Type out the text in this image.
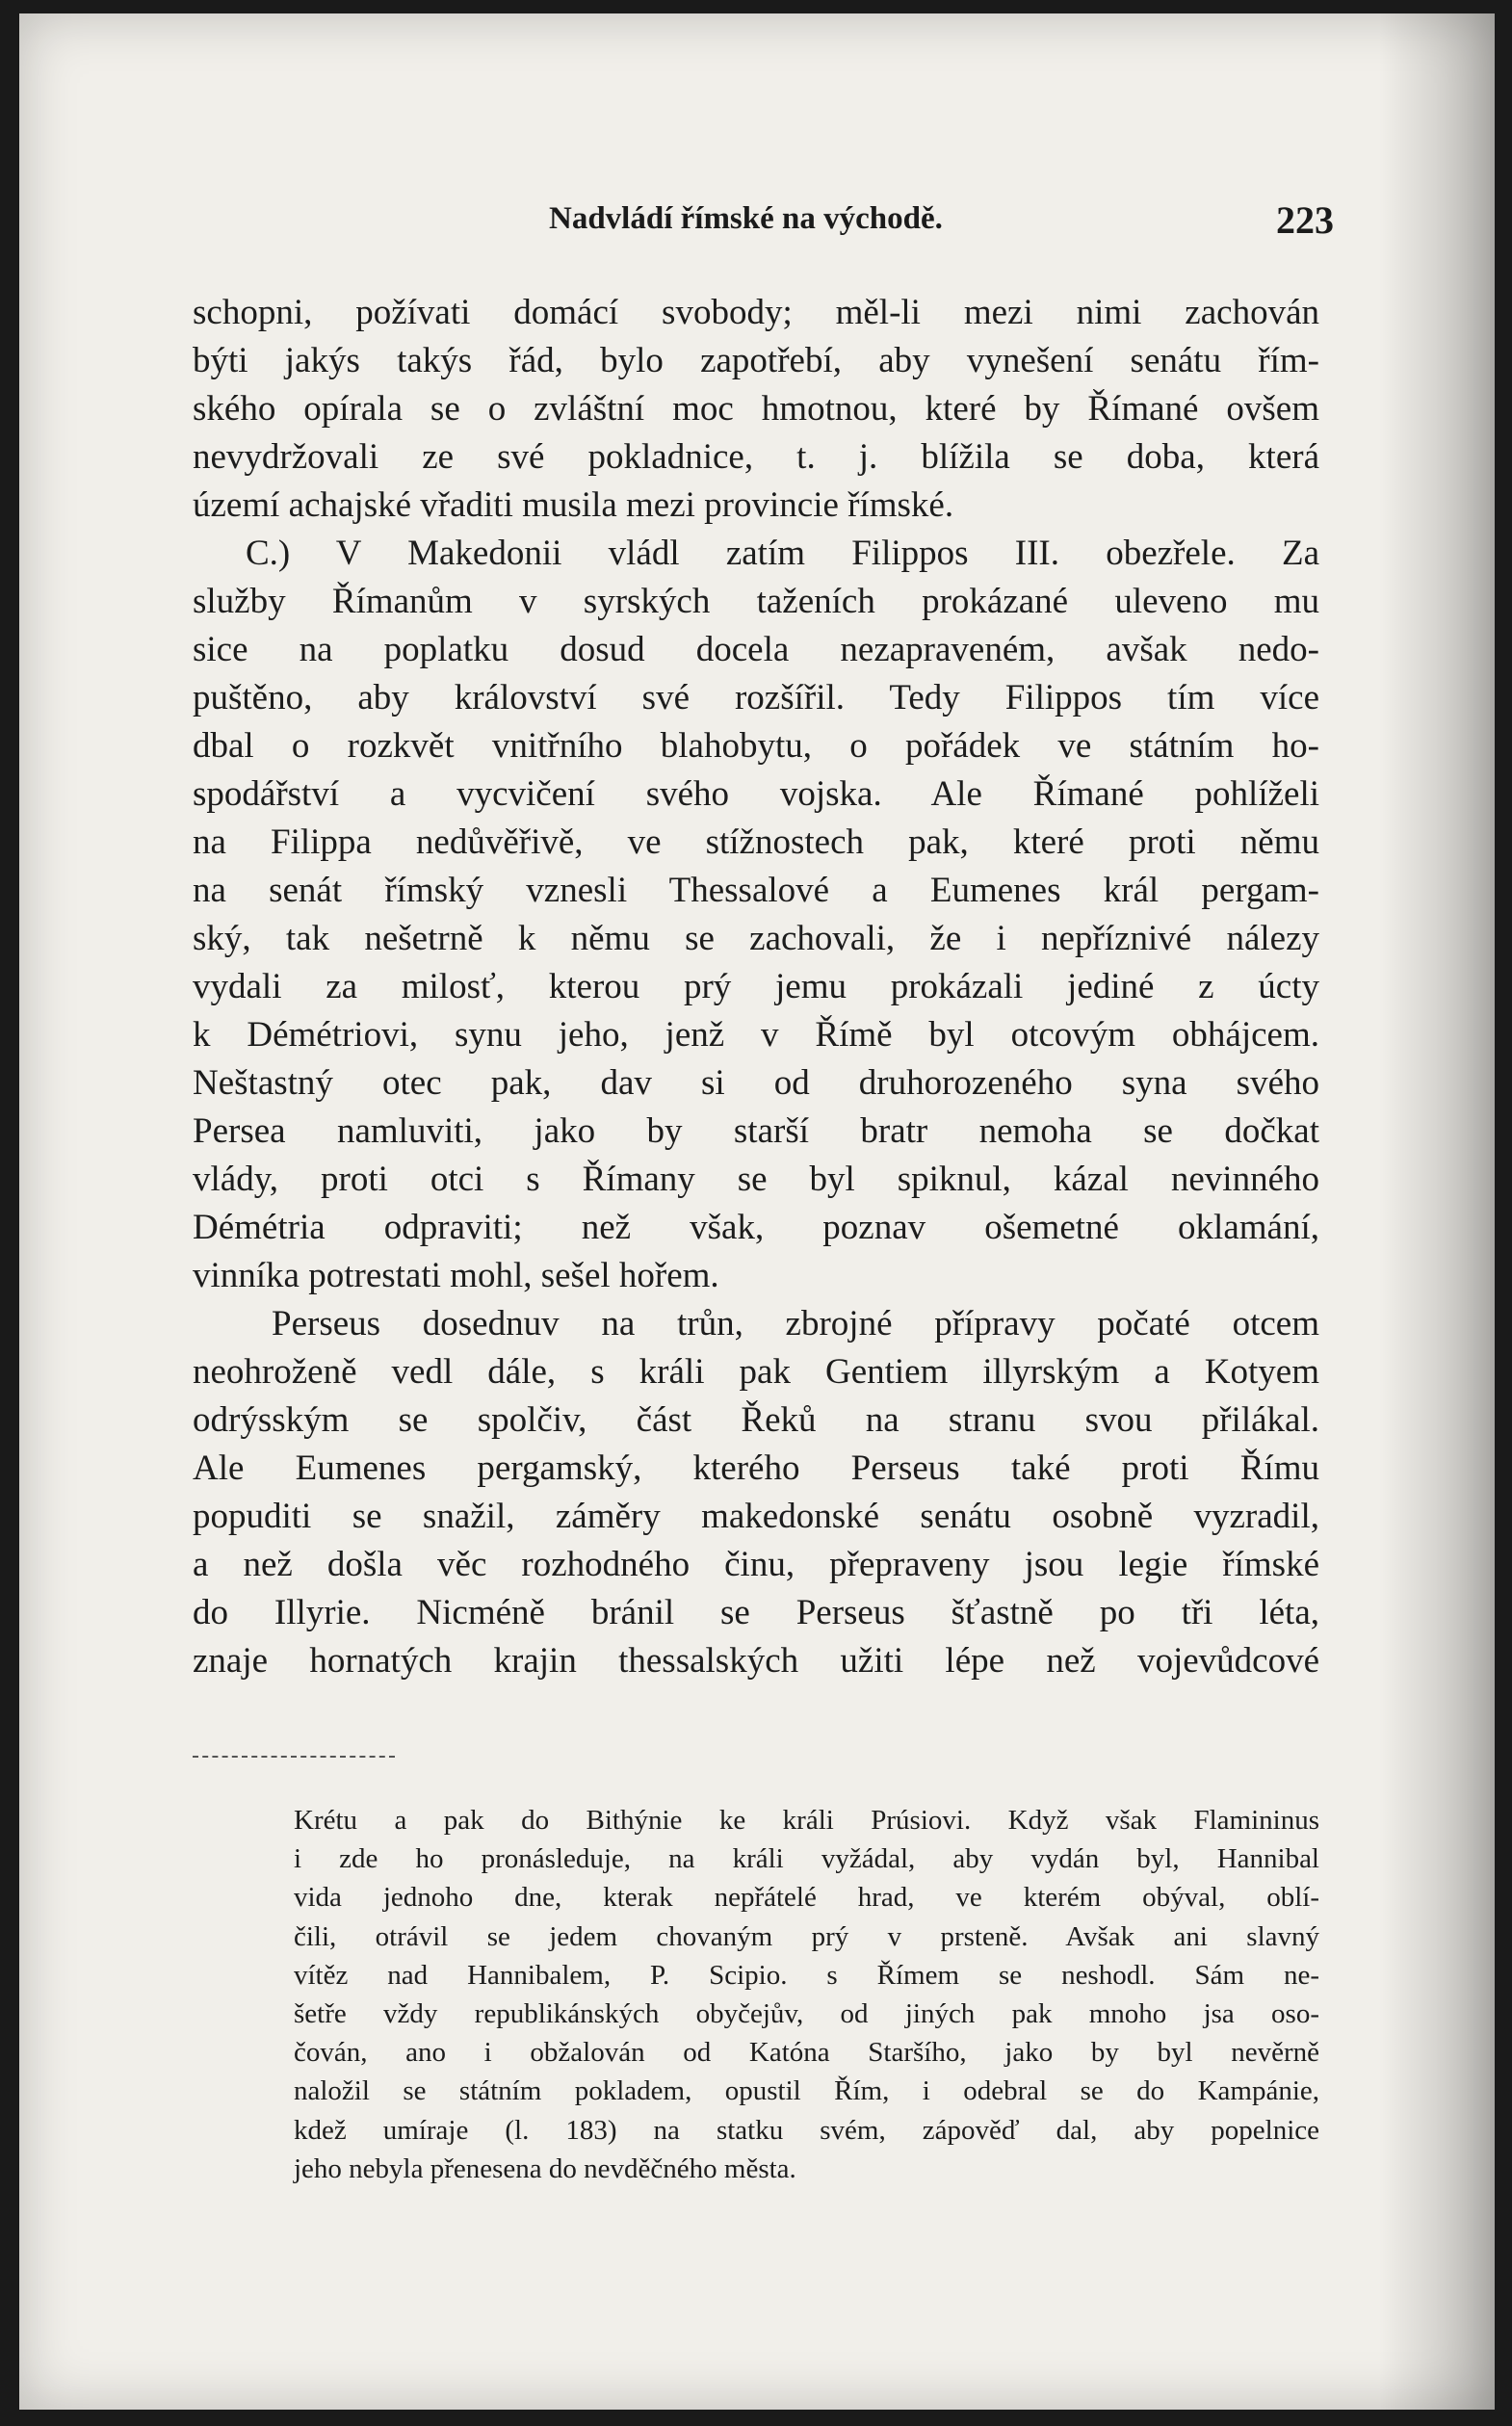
Nadvládí římské na východě.	223
schopni, požívati domácí svobody; měl-li mezi nimi zachován
býti jakýs takýs řád, bylo zapotřebí, aby vynešení senátu řím-
ského opírala se o zvláštní moc hmotnou, které by Římané ovšem
nevydržovali ze své pokladnice, t. j. blížila se doba, která
území achajské vřaditi musila mezi provincie římské.
C.) V Makedonii vládl zatím Filippos III. obezřele. Za
služby Římanům v syrských taženích prokázané uleveno mu
sice na poplatku dosud docela nezapraveném, avšak nedo-
puštěno, aby království své rozšířil. Tedy Filippos tím více
dbal o rozkvět vnitřního blahobytu, o pořádek ve státním ho-
spodářství a vycvičení svého vojska. Ale Římané pohlíželi
na Filippa nedůvěřivě, ve stížnostech pak, které proti němu
na senát římský vznesli Thessalové a Eumenes král pergam-
ský, tak nešetrně k němu se zachovali, že i nepříznivé nálezy
vydali za milosť, kterou prý jemu prokázali jediné z úcty
k Démétriovi, synu jeho, jenž v Římě byl otcovým obhájcem.
Neštastný otec pak, dav si od druhorozeného syna svého
Persea namluviti, jako by starší bratr nemoha se dočkat
vlády, proti otci s Římany se byl spiknul, kázal nevinného
Démétria odpraviti; než však, poznav ošemetné oklamání,
vinníka potrestati mohl, sešel hořem.
Perseus dosednuv na trůn, zbrojné přípravy počaté otcem
neohroženě vedl dále, s králi pak Gentiem illyrským a Kotyem
odrýsským se spolčiv, část Řeků na stranu svou přilákal.
Ale Eumenes pergamský, kterého Perseus také proti Římu
popuditi se snažil, záměry makedonské senátu osobně vyzradil,
a než došla věc rozhodného činu, přepraveny jsou legie římské
do Illyrie. Nicméně bránil se Perseus šťastně po tři léta,
znaje hornatých krajin thessalských užiti lépe než vojevůdcové
Krétu a pak do Bithýnie ke králi Prúsiovi. Když však Flamininus
i zde ho pronásleduje, na králi vyžádal, aby vydán byl, Hannibal
vida jednoho dne, kterak nepřátelé hrad, ve kterém obýval, oblí-
čili, otrávil se jedem chovaným prý v prsteně. Avšak ani slavný
vítěz nad Hannibalem, P. Scipio. s Římem se neshodl. Sám ne-
šetře vždy republikánských obyčejův, od jiných pak mnoho jsa oso-
čován, ano i obžalován od Katóna Staršího, jako by byl nevěrně
naložil se státním pokladem, opustil Řím, i odebral se do Kampánie,
kdež umíraje (l. 183) na statku svém, zápověď dal, aby popelnice
jeho nebyla přenesena do nevděčného města.
